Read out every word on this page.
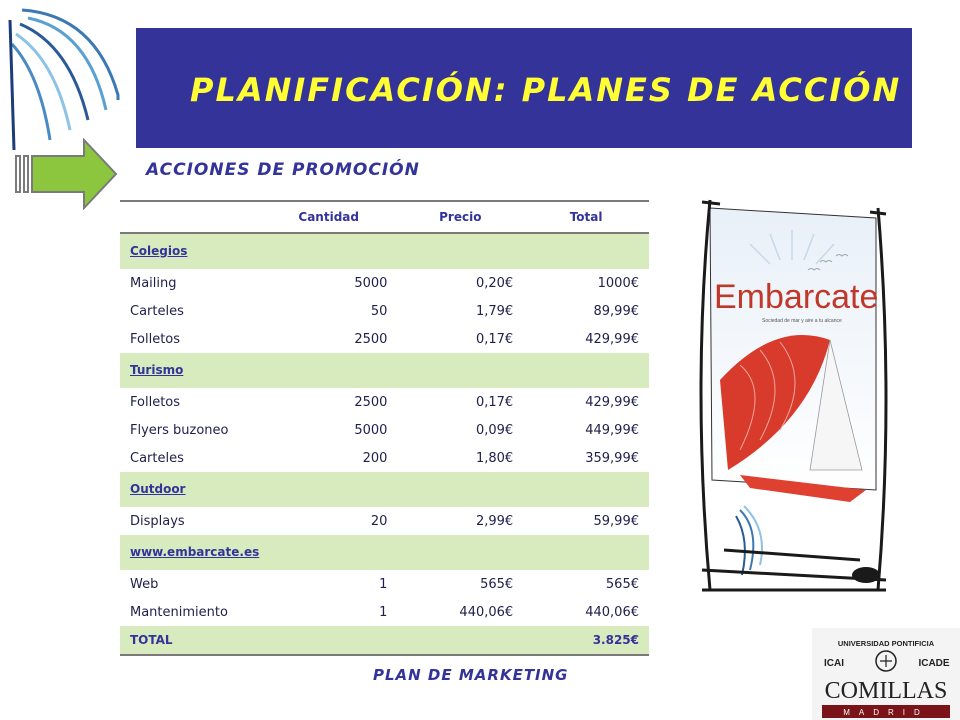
PLANIFICACIÓN: PLANES DE ACCIÓN
ACCIONES DE PROMOCIÓN
	Cantidad	Precio	Total
Colegios			
Mailing	5000	0,20€	1000€
Carteles	50	1,79€	89,99€
Folletos	2500	0,17€	429,99€
Turismo			
Folletos	2500	0,17€	429,99€
Flyers buzoneo	5000	0,09€	449,99€
Carteles	200	1,80€	359,99€
Outdoor			
Displays	20	2,99€	59,99€
www.embarcate.es			
Web	1	565€	565€
Mantenimiento	1	440,06€	440,06€
TOTAL			3.825€
PLAN DE MARKETING
Embarcate
Sociedad de mar y aire a tu alcance
UNIVERSIDAD PONTIFICIA
ICAI	ICADE
COMILLAS
MADRID
